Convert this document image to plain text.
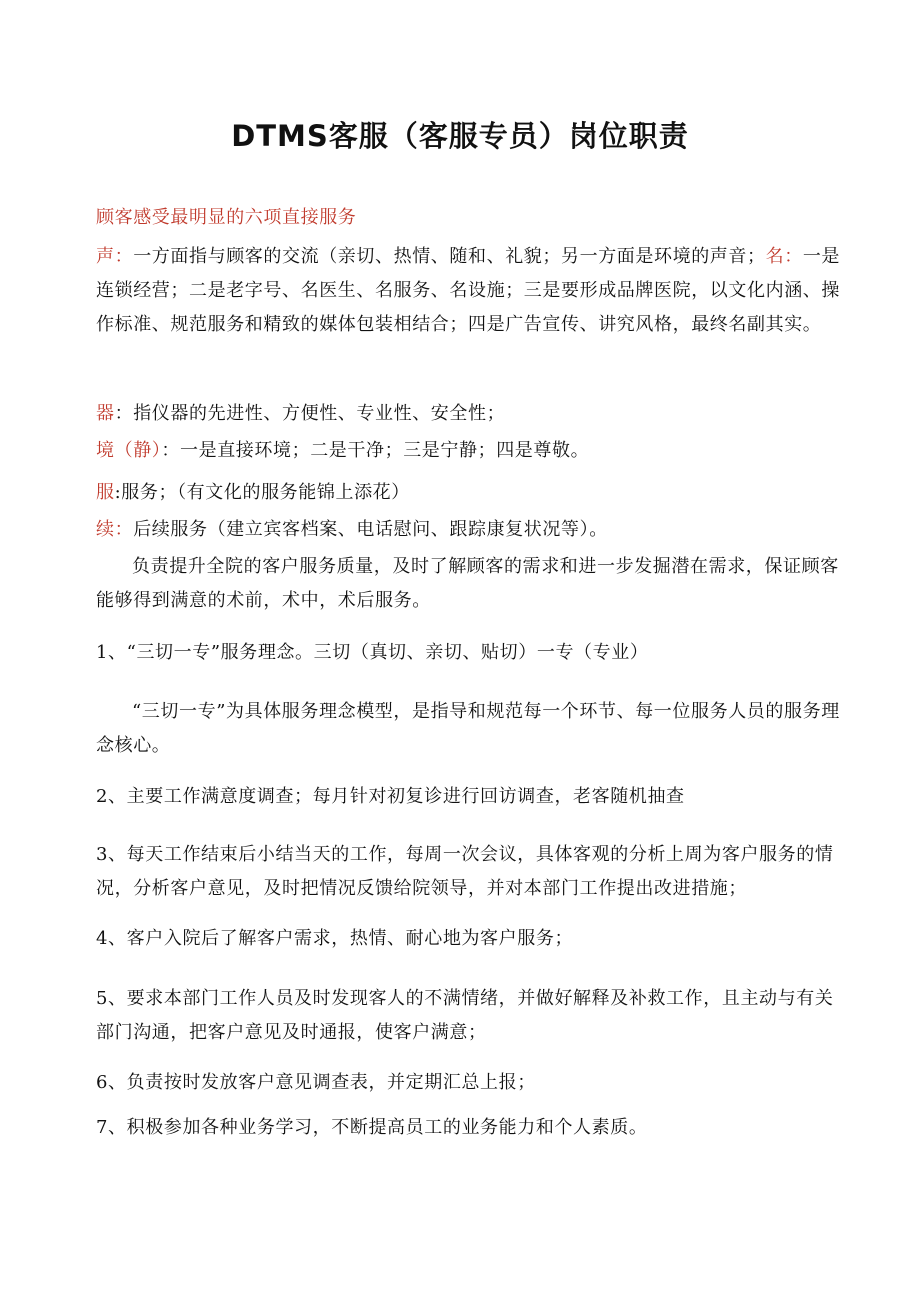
DTMS客服（客服专员）岗位职责

顾客感受最明显的六项直接服务

声：一方面指与顾客的交流（亲切、热情、随和、礼貌；另一方面是环境的声音；名：一是连锁经营；二是老字号、名医生、名服务、名设施；三是要形成品牌医院，以文化内涵、操作标准、规范服务和精致的媒体包装相结合；四是广告宣传、讲究风格，最终名副其实。

器：指仪器的先进性、方便性、专业性、安全性；

境（静）：一是直接环境；二是干净；三是宁静；四是尊敬。

服:服务；（有文化的服务能锦上添花）

续：后续服务（建立宾客档案、电话慰问、跟踪康复状况等）。

负责提升全院的客户服务质量，及时了解顾客的需求和进一步发掘潜在需求，保证顾客能够得到满意的术前，术中，术后服务。

1、“三切一专”服务理念。三切（真切、亲切、贴切）一专（专业）

“三切一专”为具体服务理念模型，是指导和规范每一个环节、每一位服务人员的服务理念核心。

2、主要工作满意度调查；每月针对初复诊进行回访调查，老客随机抽查

3、每天工作结束后小结当天的工作，每周一次会议，具体客观的分析上周为客户服务的情况，分析客户意见，及时把情况反馈给院领导，并对本部门工作提出改进措施；

4、客户入院后了解客户需求，热情、耐心地为客户服务；

5、要求本部门工作人员及时发现客人的不满情绪，并做好解释及补救工作，且主动与有关部门沟通，把客户意见及时通报，使客户满意；

6、负责按时发放客户意见调查表，并定期汇总上报；

7、积极参加各种业务学习，不断提高员工的业务能力和个人素质。
